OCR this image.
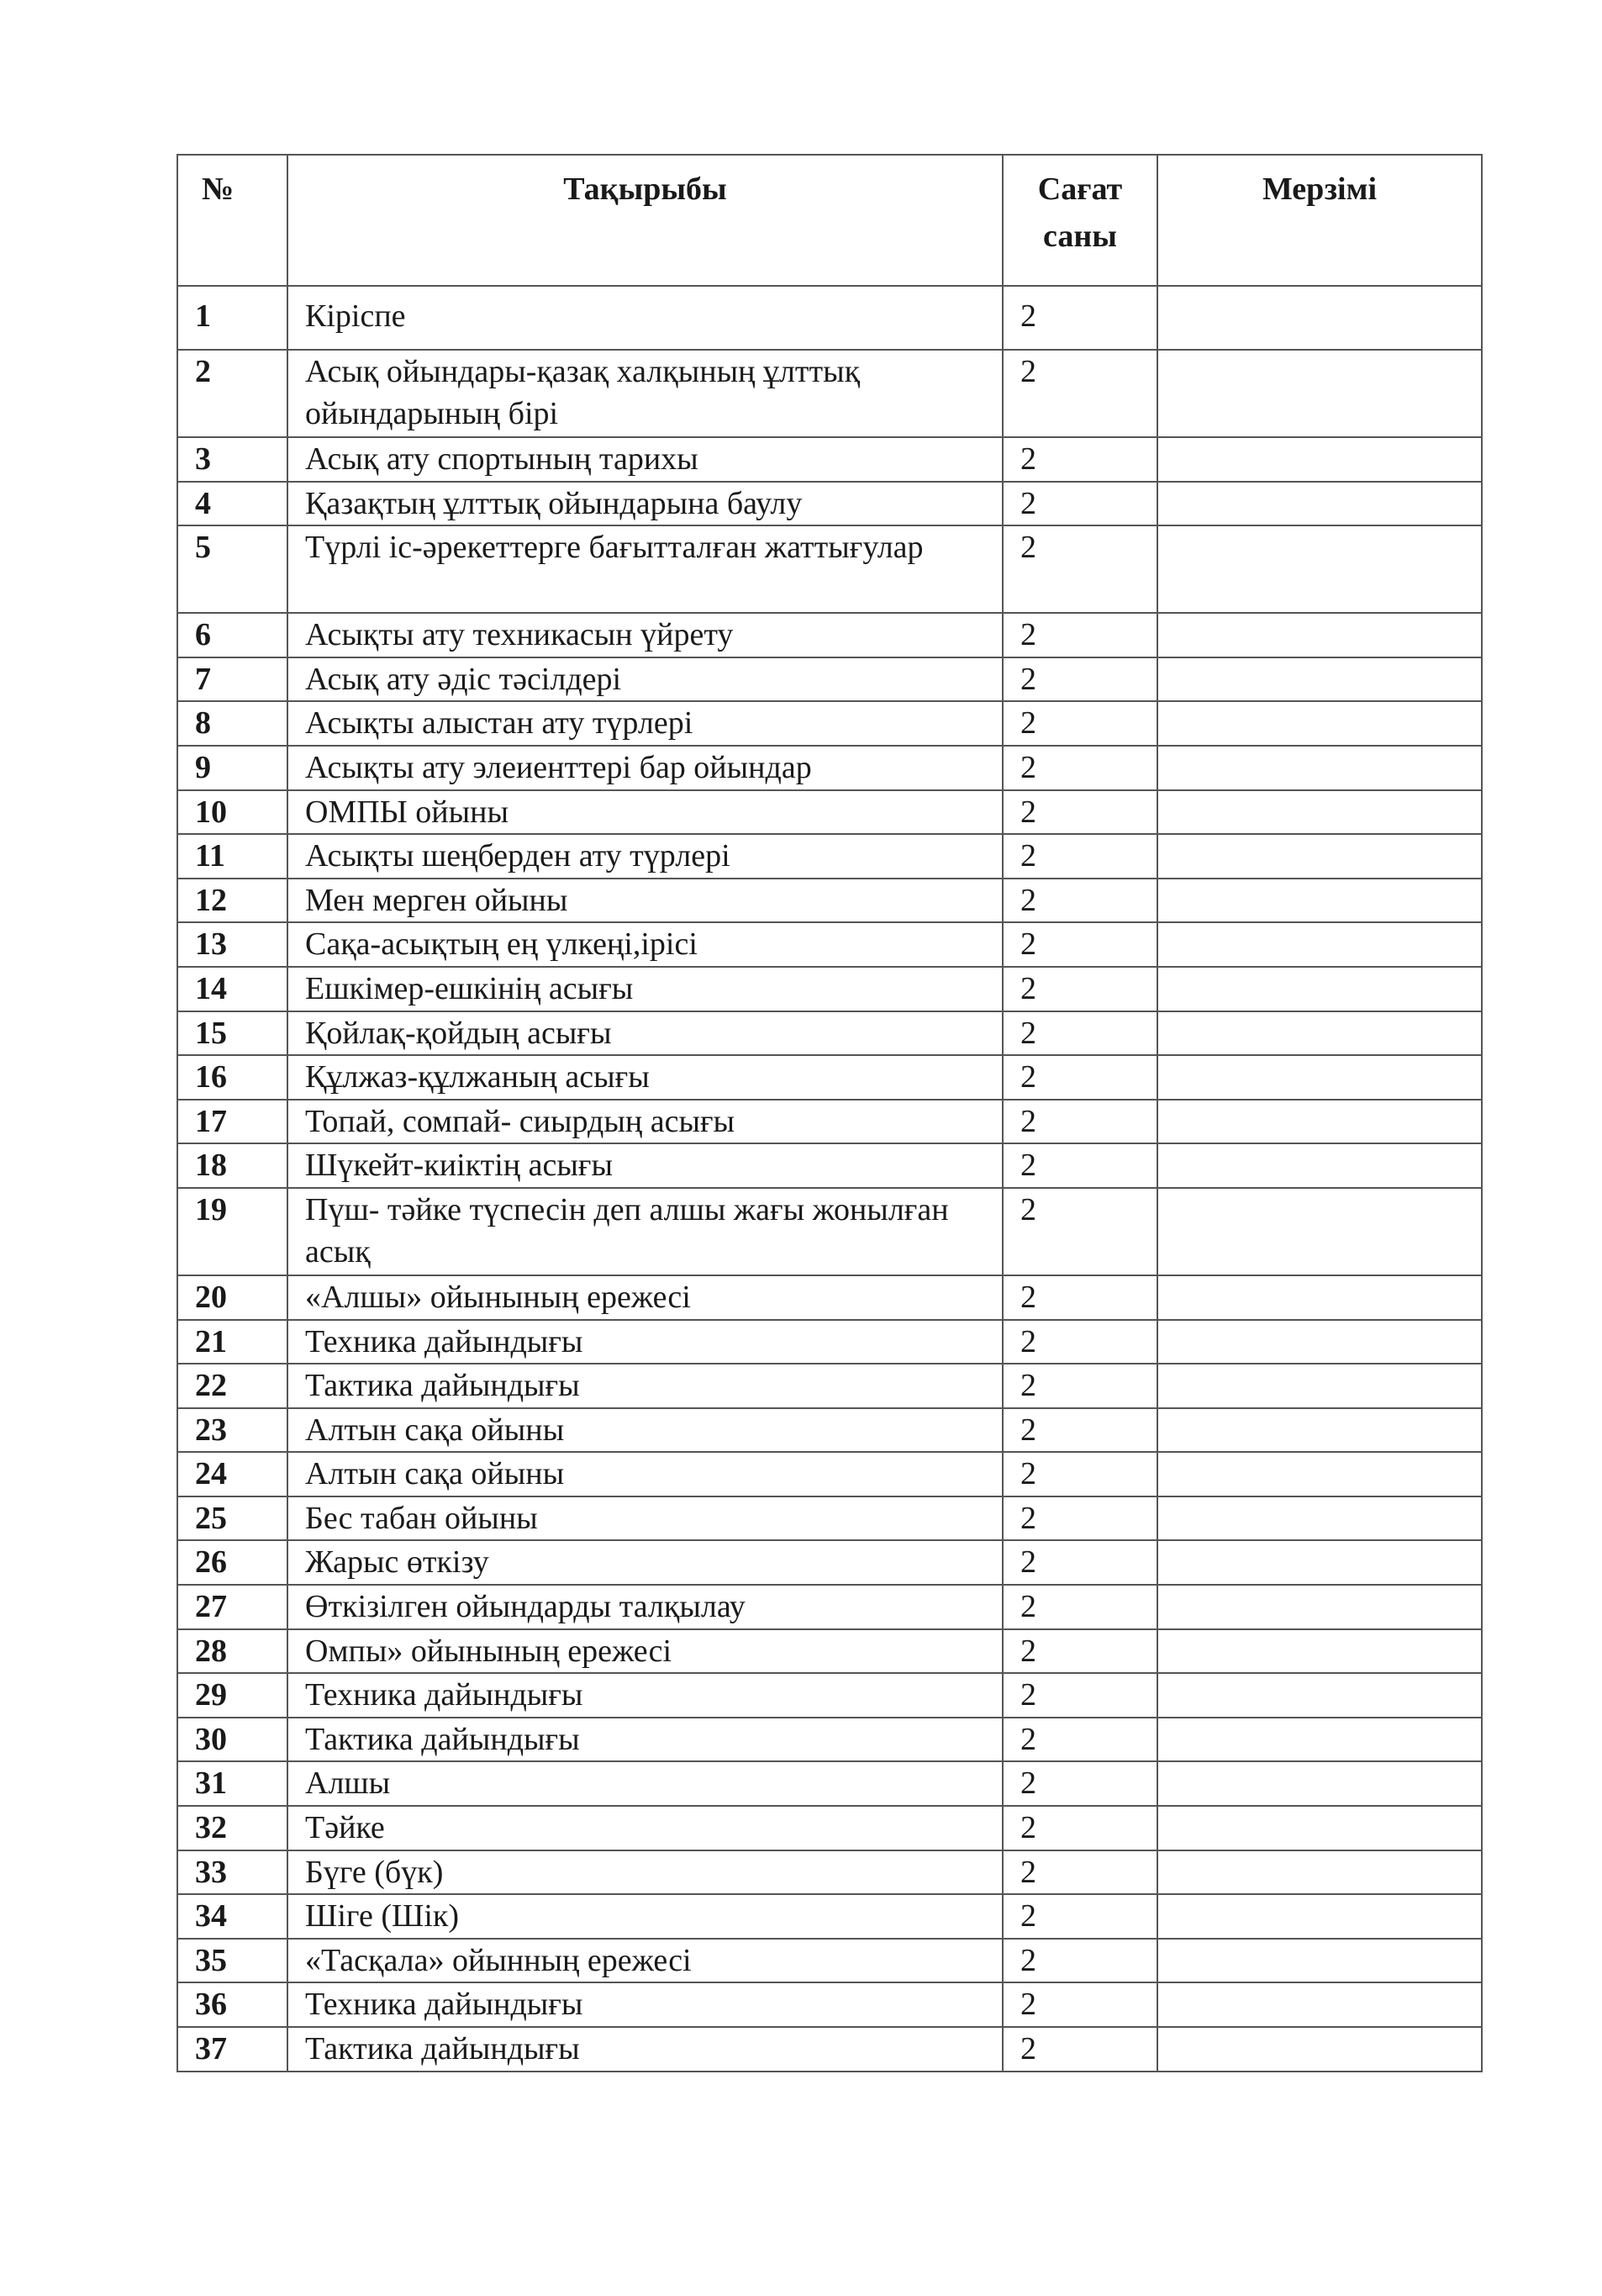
№	Тақырыбы	Сағат саны	Мерзімі
1	Кіріспе	2	
2	Асық ойындары-қазақ халқының ұлттық ойындарының бірі	2	
3	Асық ату спортының тарихы	2	
4	Қазақтың ұлттық ойындарына баулу	2	
5	Түрлі іс-әрекеттерге бағытталған жаттығулар	2	
6	Асықты ату техникасын үйрету	2	
7	Асық ату әдіс тәсілдері	2	
8	Асықты алыстан ату түрлері	2	
9	Асықты ату элеиенттері бар ойындар	2	
10	ОМПЫ ойыны	2	
11	Асықты шеңберден ату түрлері	2	
12	Мен мерген ойыны	2	
13	Сақа-асықтың ең үлкеңі,ірісі	2	
14	Ешкімер-ешкінің асығы	2	
15	Қойлақ-қойдың асығы	2	
16	Құлжаз-құлжаның асығы	2	
17	Топай, сомпай- сиырдың асығы	2	
18	Шүкейт-киіктің асығы	2	
19	Пүш- тәйке түспесін деп алшы жағы жонылған асық	2	
20	«Алшы» ойынының ережесі	2	
21	Техника дайындығы	2	
22	Тактика дайындығы	2	
23	Алтын сақа ойыны	2	
24	Алтын сақа ойыны	2	
25	Бес табан ойыны	2	
26	Жарыс өткізу	2	
27	Өткізілген ойындарды талқылау	2	
28	Омпы» ойынының ережесі	2	
29	Техника дайындығы	2	
30	Тактика дайындығы	2	
31	Алшы	2	
32	Тәйке	2	
33	Бүге (бүк)	2	
34	Шіге (Шік)	2	
35	«Тасқала» ойынның ережесі	2	
36	Техника дайындығы	2	
37	Тактика дайындығы	2	
